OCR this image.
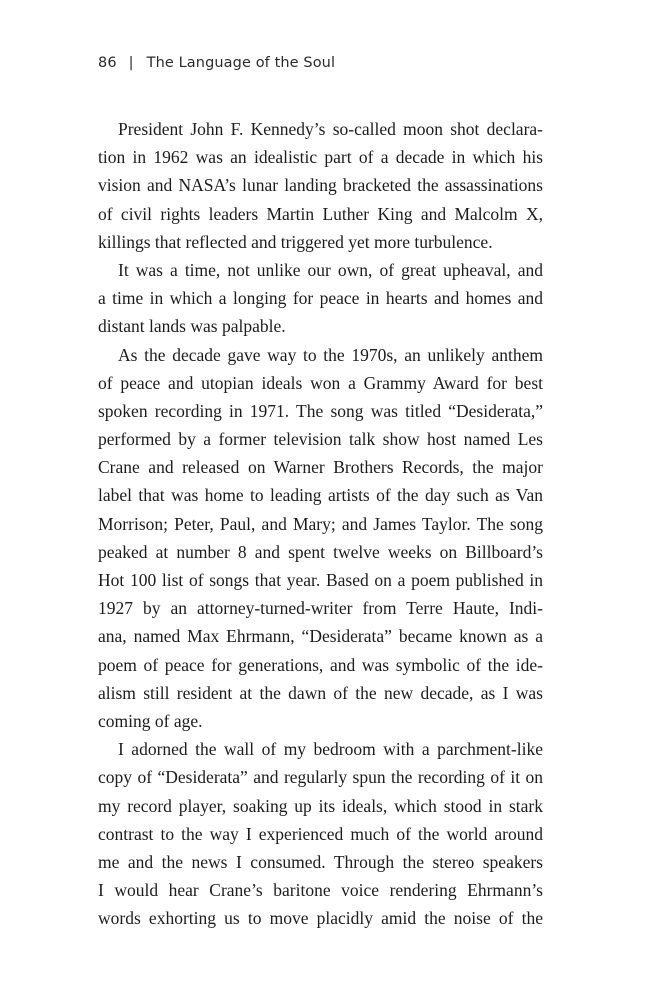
86 | The Language of the Soul
President John F. Kennedy’s so-called moon shot declara-
tion in 1962 was an idealistic part of a decade in which his
vision and NASA’s lunar landing bracketed the assassinations
of civil rights leaders Martin Luther King and Malcolm X,
killings that reflected and triggered yet more turbulence.
It was a time, not unlike our own, of great upheaval, and
a time in which a longing for peace in hearts and homes and
distant lands was palpable.
As the decade gave way to the 1970s, an unlikely anthem
of peace and utopian ideals won a Grammy Award for best
spoken recording in 1971. The song was titled “Desiderata,”
performed by a former television talk show host named Les
Crane and released on Warner Brothers Records, the major
label that was home to leading artists of the day such as Van
Morrison; Peter, Paul, and Mary; and James Taylor. The song
peaked at number 8 and spent twelve weeks on Billboard’s
Hot 100 list of songs that year. Based on a poem published in
1927 by an attorney-turned-writer from Terre Haute, Indi-
ana, named Max Ehrmann, “Desiderata” became known as a
poem of peace for generations, and was symbolic of the ide-
alism still resident at the dawn of the new decade, as I was
coming of age.
I adorned the wall of my bedroom with a parchment-like
copy of “Desiderata” and regularly spun the recording of it on
my record player, soaking up its ideals, which stood in stark
contrast to the way I experienced much of the world around
me and the news I consumed. Through the stereo speakers
I would hear Crane’s baritone voice rendering Ehrmann’s
words exhorting us to move placidly amid the noise of the
